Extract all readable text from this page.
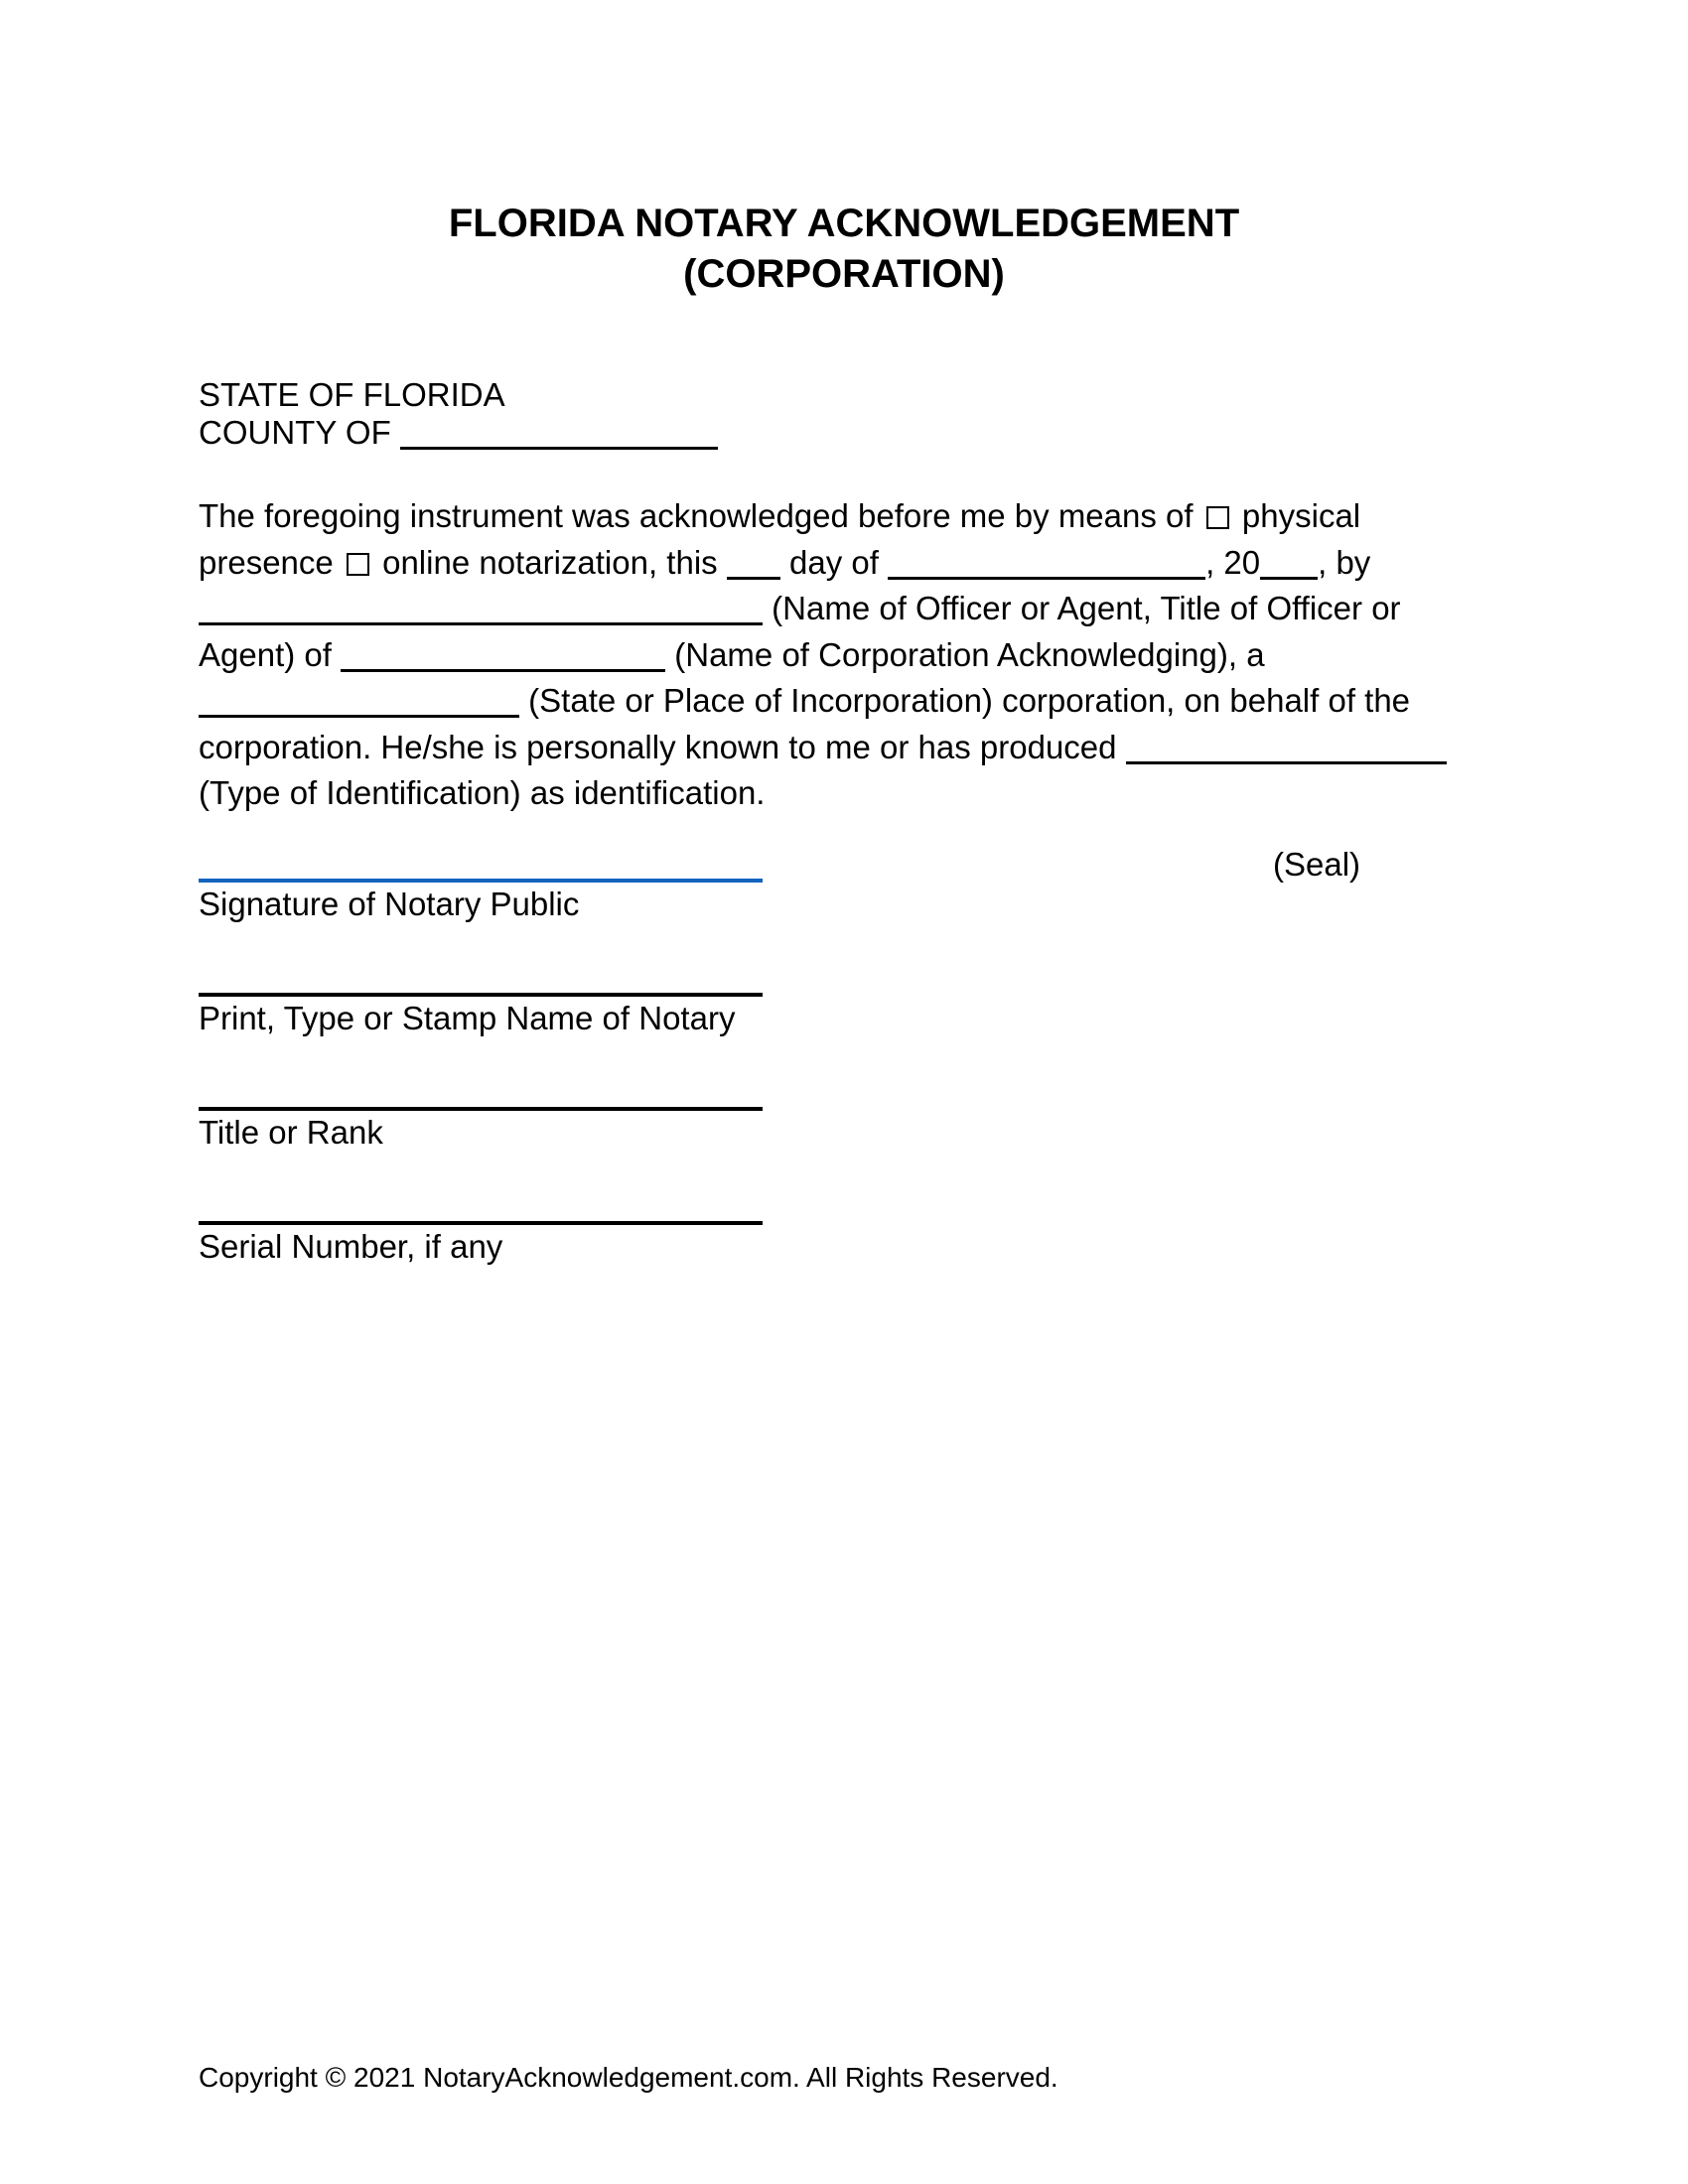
FLORIDA NOTARY ACKNOWLEDGEMENT
(CORPORATION)
STATE OF FLORIDA
COUNTY OF
The foregoing instrument was acknowledged before me by means of  physical
presence  online notarization, this  day of	, 20 , by
(Name of Officer or Agent, Title of Officer or
Agent) of	(Name of Corporation Acknowledging), a
(State or Place of Incorporation) corporation, on behalf of the
corporation. He/she is personally known to me or has produced
(Type of Identification) as identification.
Signature of Notary Public
(Seal)
Print, Type or Stamp Name of Notary
Title or Rank
Serial Number, if any
Copyright © 2021 NotaryAcknowledgement.com. All Rights Reserved.
